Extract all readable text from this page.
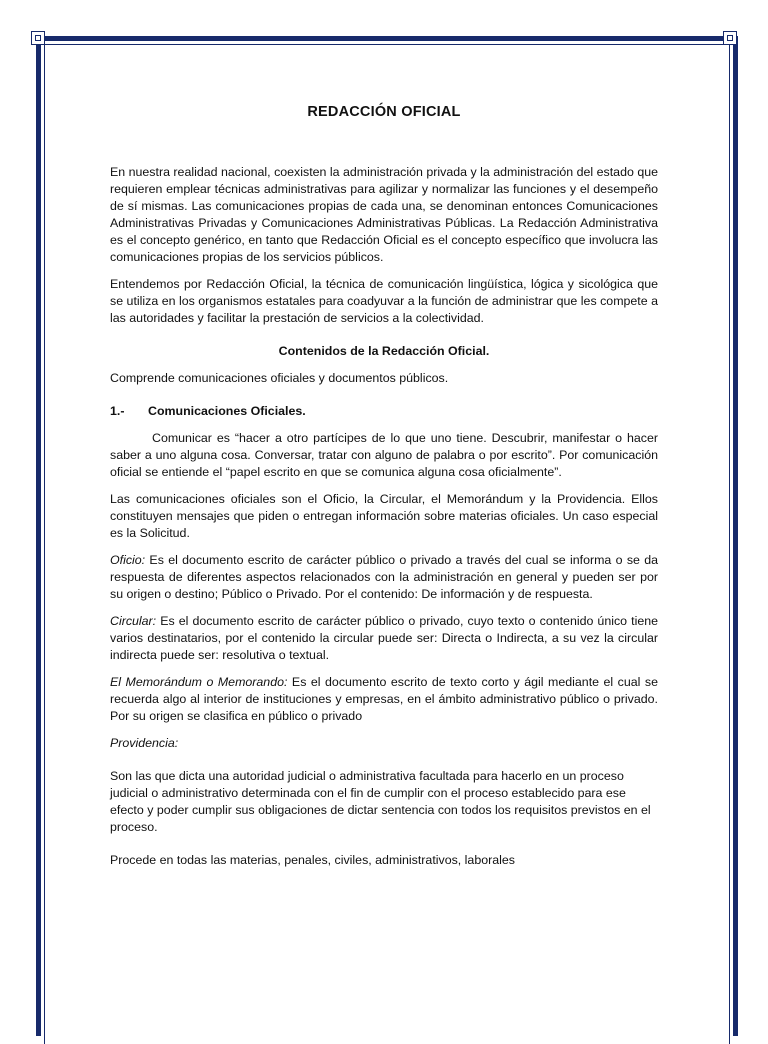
REDACCIÓN OFICIAL

En nuestra realidad nacional, coexisten la administración privada y la administración del estado que requieren emplear técnicas administrativas para agilizar y normalizar las funciones y el desempeño de sí mismas. Las comunicaciones propias de cada una, se denominan entonces Comunicaciones Administrativas Privadas y Comunicaciones Administrativas Públicas. La Redacción Administrativa es el concepto genérico, en tanto que Redacción Oficial es el concepto específico que involucra las comunicaciones propias de los servicios públicos.

Entendemos por Redacción Oficial, la técnica de comunicación lingüística, lógica y sicológica que se utiliza en los organismos estatales para coadyuvar a la función de administrar que les compete a las autoridades y facilitar la prestación de servicios a la colectividad.

Contenidos de la Redacción Oficial.

Comprende comunicaciones oficiales y documentos públicos.

1.-	Comunicaciones Oficiales.

Comunicar es “hacer a otro partícipes de lo que uno tiene. Descubrir, manifestar o hacer saber a uno alguna cosa. Conversar, tratar con alguno de palabra o por escrito”. Por comunicación oficial se entiende el “papel escrito en que se comunica alguna cosa oficialmente”.

Las comunicaciones oficiales son el Oficio, la Circular, el Memorándum y la Providencia. Ellos constituyen mensajes que piden o entregan información sobre materias oficiales. Un caso especial es la Solicitud.

Oficio: Es el documento escrito de carácter público o privado a través del cual se informa o se da respuesta de diferentes aspectos relacionados con la administración en general y pueden ser por su origen o destino; Público o Privado. Por el contenido: De información y de respuesta.

Circular: Es el documento escrito de carácter público o privado, cuyo texto o contenido único tiene varios destinatarios, por el contenido la circular puede ser: Directa o Indirecta, a su vez la circular indirecta puede ser: resolutiva o textual.

El Memorándum o Memorando: Es el documento escrito de texto corto y ágil mediante el cual se recuerda algo al interior de instituciones y empresas, en el ámbito administrativo público o privado. Por su origen se clasifica en público o privado

Providencia:

Son las que dicta una autoridad judicial o administrativa facultada para hacerlo en un proceso judicial o administrativo determinada con el fin de cumplir con el proceso establecido para ese efecto y poder cumplir sus obligaciones de dictar sentencia con todos los requisitos previstos en el proceso.

Procede en todas las materias, penales, civiles, administrativos, laborales
